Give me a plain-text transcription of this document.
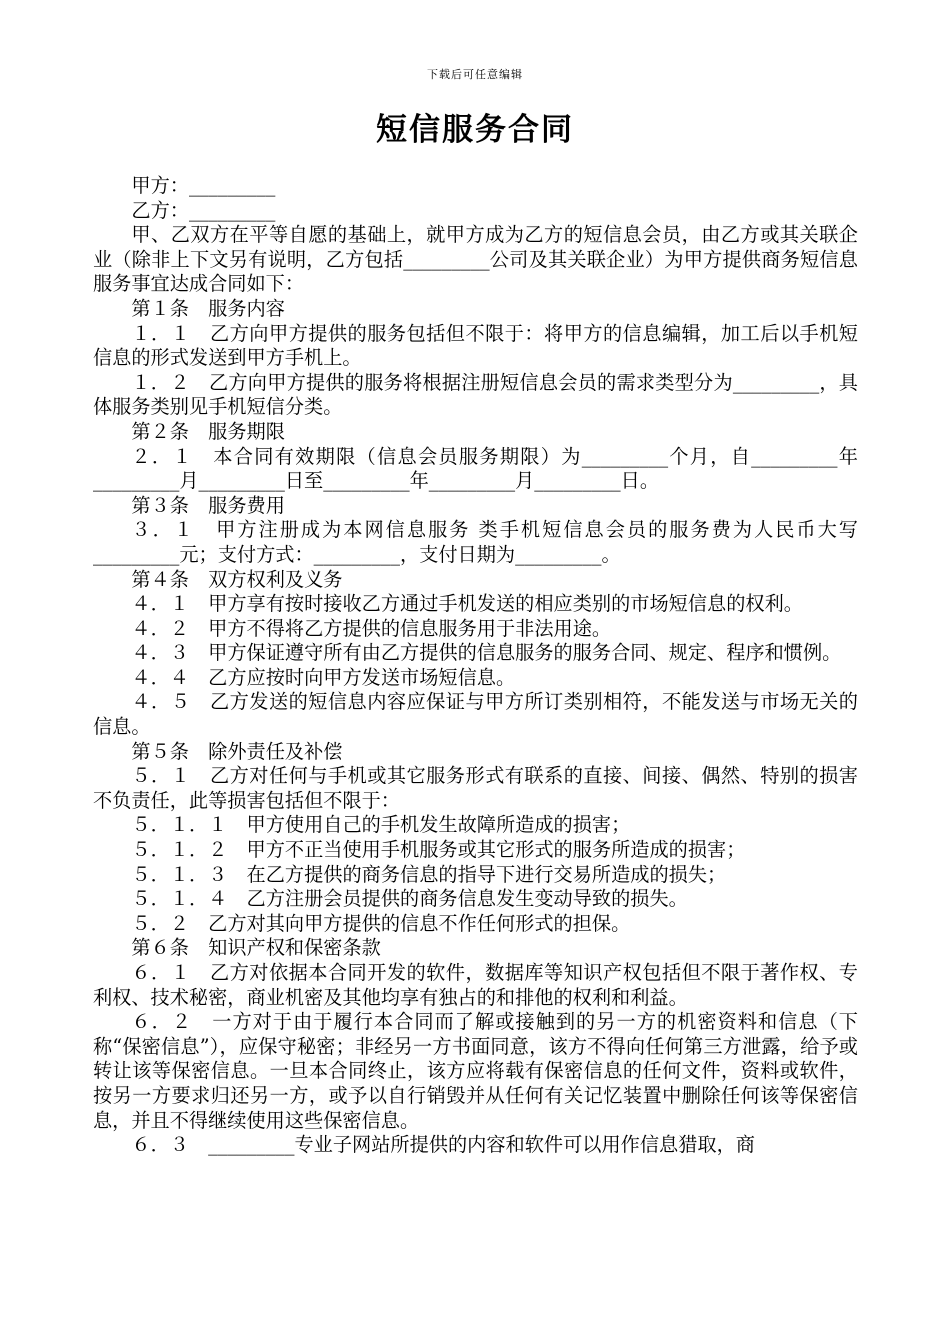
下载后可任意编辑
短信服务合同

甲方：_________

乙方：_________

甲、乙双方在平等自愿的基础上，就甲方成为乙方的短信息会员，由乙方或其关联企业（除非上下文另有说明，乙方包括_________公司及其关联企业）为甲方提供商务短信息服务事宜达成合同如下：

第１条　服务内容

１．１　乙方向甲方提供的服务包括但不限于：将甲方的信息编辑，加工后以手机短信息的形式发送到甲方手机上。

１．２　乙方向甲方提供的服务将根据注册短信息会员的需求类型分为_________，具体服务类别见手机短信分类。

第２条　服务期限

２．１　本合同有效期限（信息会员服务期限）为_________个月，自_________年_________月_________日至_________年_________月_________日。

第３条　服务费用

３．１　甲方注册成为本网信息服务 类手机短信息会员的服务费为人民币大写_________元；支付方式：_________，支付日期为_________。

第４条　双方权利及义务

４．１　甲方享有按时接收乙方通过手机发送的相应类别的市场短信息的权利。

４．２　甲方不得将乙方提供的信息服务用于非法用途。

４．３　甲方保证遵守所有由乙方提供的信息服务的服务合同、规定、程序和惯例。

４．４　乙方应按时向甲方发送市场短信息。

４．５　乙方发送的短信息内容应保证与甲方所订类别相符，不能发送与市场无关的信息。

第５条　除外责任及补偿

５．１　乙方对任何与手机或其它服务形式有联系的直接、间接、偶然、特别的损害不负责任，此等损害包括但不限于：

５．１．１　甲方使用自己的手机发生故障所造成的损害；

５．１．２　甲方不正当使用手机服务或其它形式的服务所造成的损害；

５．１．３　在乙方提供的商务信息的指导下进行交易所造成的损失；

５．１．４　乙方注册会员提供的商务信息发生变动导致的损失。

５．２　乙方对其向甲方提供的信息不作任何形式的担保。

第６条　知识产权和保密条款

６．１　乙方对依据本合同开发的软件，数据库等知识产权包括但不限于著作权、专利权、技术秘密，商业机密及其他均享有独占的和排他的权利和利益。

６．２　一方对于由于履行本合同而了解或接触到的另一方的机密资料和信息（下称“保密信息”），应保守秘密；非经另一方书面同意，该方不得向任何第三方泄露，给予或转让该等保密信息。一旦本合同终止，该方应将载有保密信息的任何文件，资料或软件，按另一方要求归还另一方，或予以自行销毁并从任何有关记忆装置中删除任何该等保密信息，并且不得继续使用这些保密信息。

６．３　_________专业子网站所提供的内容和软件可以用作信息猎取，商
